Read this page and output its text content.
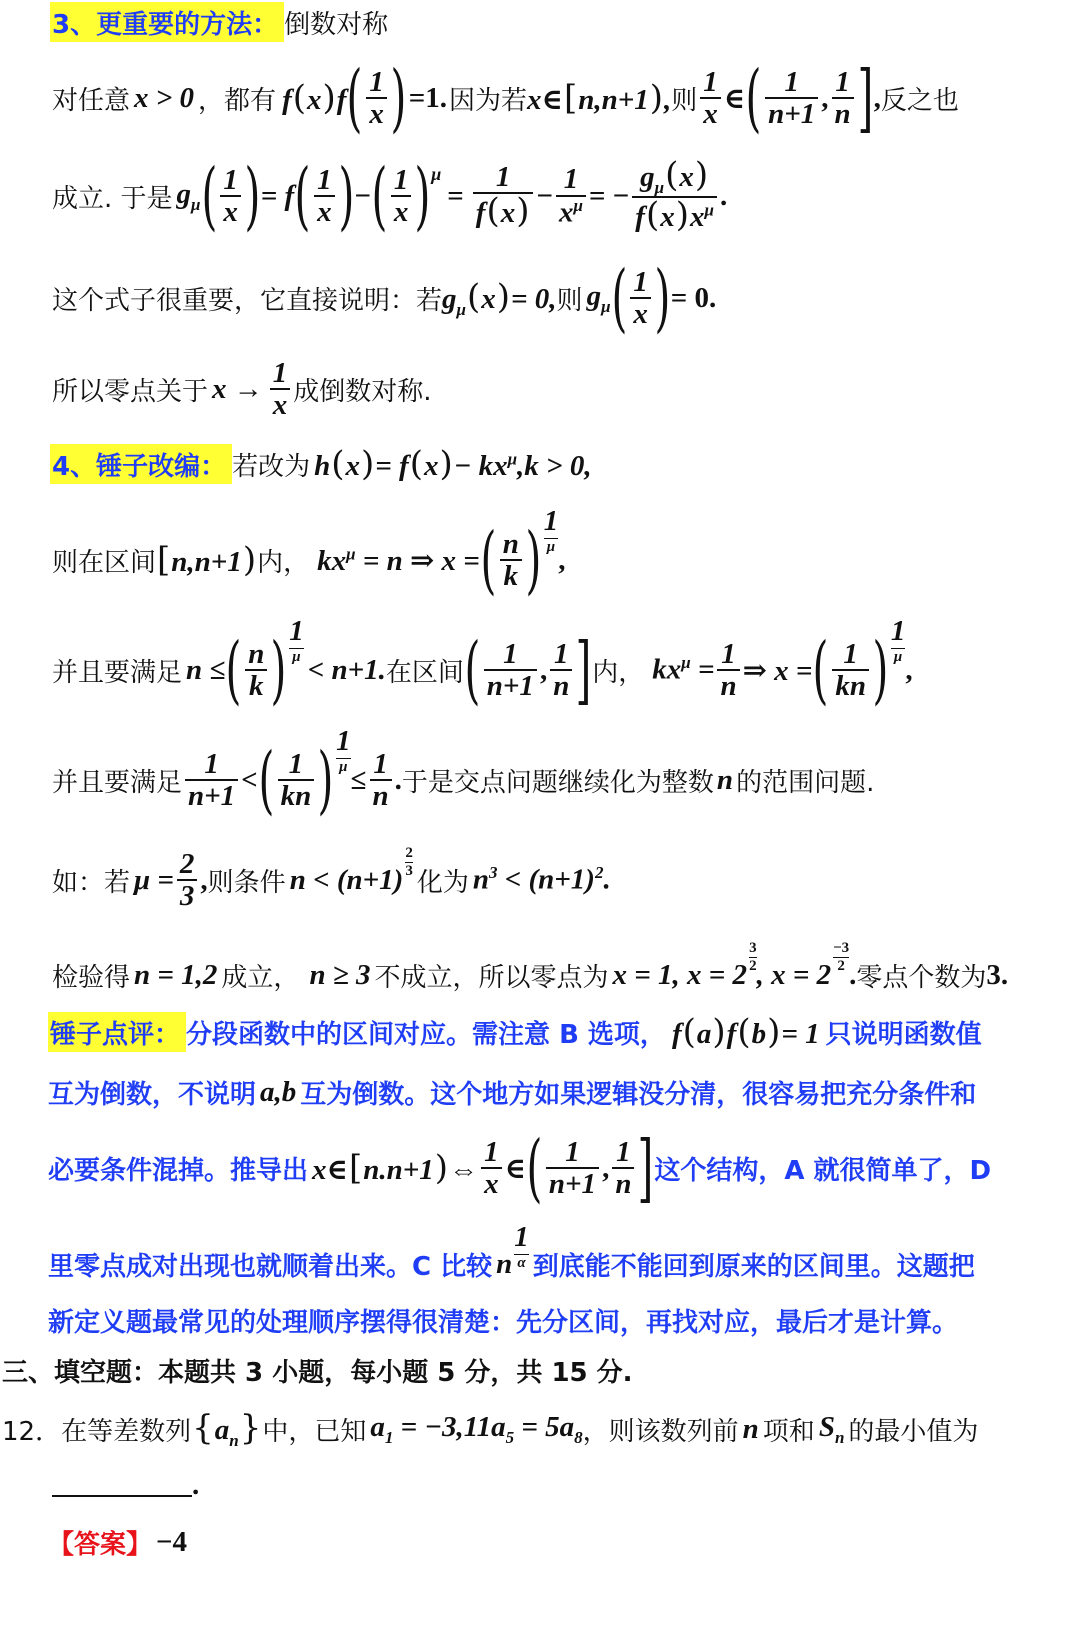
3、更重要的方法： 倒数对称
对任意 x > 0 ，都有 f(x)f ( $\frac{1}{x}$ ) =1. 因为若 x∈[n,n+1), 则 $\frac{1}{x}$ ∈ ( $\frac{1}{n+1}$ , $\frac{1}{n}$ ] , 反之也
成立. 于是 $g_\mu$ ( $\frac{1}{x}$ ) = f ( $\frac{1}{x}$ ) − ( $\frac{1}{x}$ ) μ
= $\frac{1}{f(x)} - \frac{1}{x^\mu}$ = − $\frac{g_\mu(x)}{f(x)x^\mu}$ .
这个式子很重要，它直接说明：若 $g_\mu(x)= 0$, 则 $g_\mu$ ( $\frac{1}{x}$ ) = 0.
所以零点关于 $x \to \frac{1}{x}$ 成倒数对称.
4、锤子改编： 若改为 $h(x)= f(x)- kx^\mu,k > 0$,
则在区间 [n,n+1) 内， $kx^\mu = n$ ⇒ x = ( $\frac{n}{k}$ ) $\frac{1}{\mu}$
,
并且要满足 n ≤ ( $\frac{n}{k}$ ) $\frac{1}{\mu}$
< n+1. 在区间 ( $\frac{1}{n+1}$ , $\frac{1}{n}$ ] 内， $kx^\mu = \frac{1}{n}$ ⇒ x = ( $\frac{1}{kn}$ ) $\frac{1}{\mu}$
,
并且要满足 $\frac{1}{n+1}$ < ( $\frac{1}{kn}$ ) $\frac{1}{\mu}$
≤ $\frac{1}{n}$ . 于是交点问题继续化为整数 n 的范围问题.
如：若 $\mu = \frac{2}{3}$ , 则条件 $n < (n+1) \frac{2}{3}$
化为 $n^3 < (n+1)^2$.
检验得 n = 1,2 成立， n ≥ 3 不成立，所以零点为 x = 1, $x = 2 \frac{3}{2}$ , $x = 2 \frac{-3}{2}$ . 零点个数为 3.
锤子点评： 分段函数中的区间对应。需注意 B 选项， f(a)f(b)= 1 只说明函数值
互为倒数，不说明 a,b 互为倒数。这个地方如果逻辑没分清，很容易把充分条件和
必要条件混掉。推导出 x∈[n.n+1)⇔ $\frac{1}{x}$ ∈ ( $\frac{1}{n+1}$ , $\frac{1}{n}$ ] 这个结构，A 就很简单了，D
里零点成对出现也就顺着出来。C 比较 n $\frac{1}{\alpha}$ 到底能不能回到原来的区间里。这题把
新定义题最常见的处理顺序摆得很清楚：先分区间，再找对应，最后才是计算。
三、填空题：本题共 3 小题，每小题 5 分，共 15 分.
12．在等差数列 $\{a_n\}$ 中，已知 $a_1 = -3,11a_5 = 5a_8$ ，则该数列前 n 项和 $S_n$ 的最小值为
.
【答案】 −4
